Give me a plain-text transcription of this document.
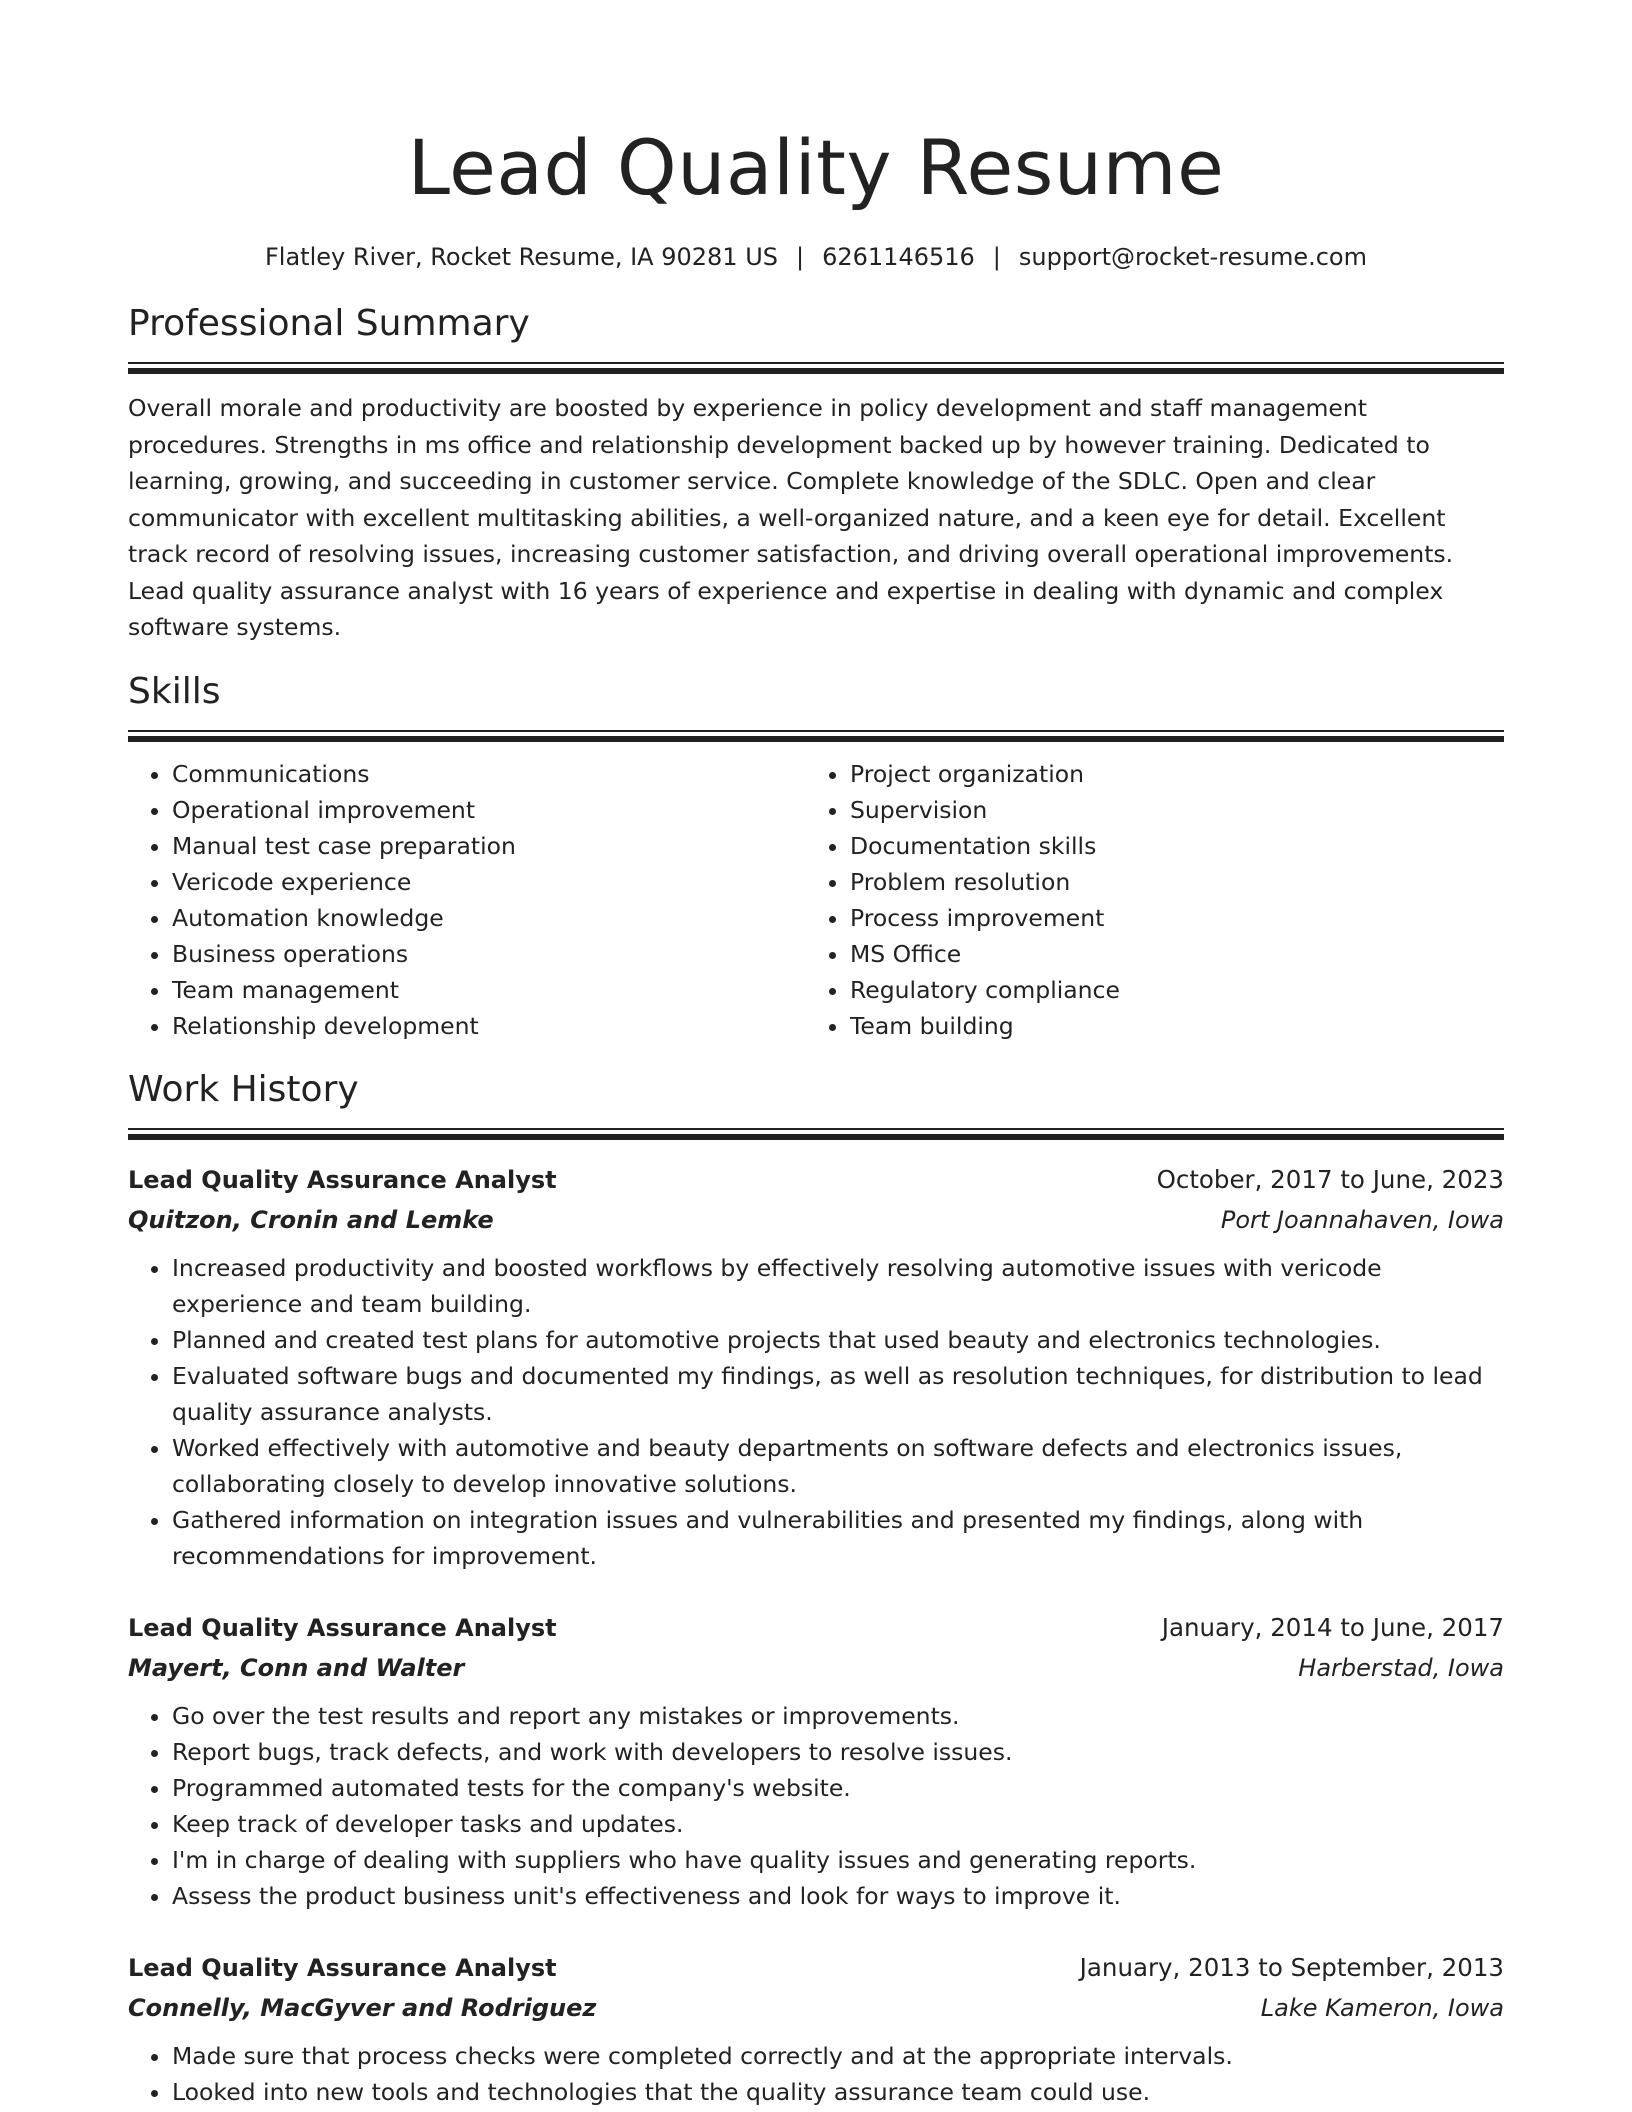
Lead Quality Resume
Flatley River, Rocket Resume, IA 90281 US | 6261146516 | support@rocket-resume.com
Professional Summary

Overall morale and productivity are boosted by experience in policy development and staff management procedures. Strengths in ms office and relationship development backed up by however training. Dedicated to learning, growing, and succeeding in customer service. Complete knowledge of the SDLC. Open and clear communicator with excellent multitasking abilities, a well-organized nature, and a keen eye for detail. Excellent track record of resolving issues, increasing customer satisfaction, and driving overall operational improvements. Lead quality assurance analyst with 16 years of experience and expertise in dealing with dynamic and complex software systems.

Skills
• Communications
• Operational improvement
• Manual test case preparation
• Vericode experience
• Automation knowledge
• Business operations
• Team management
• Relationship development
• Project organization
• Supervision
• Documentation skills
• Problem resolution
• Process improvement
• MS Office
• Regulatory compliance
• Team building
Work History
Lead Quality Assurance Analyst	October, 2017 to June, 2023
Quitzon, Cronin and Lemke	Port Joannahaven, Iowa
• Increased productivity and boosted workflows by effectively resolving automotive issues with vericode experience and team building.
• Planned and created test plans for automotive projects that used beauty and electronics technologies.
• Evaluated software bugs and documented my findings, as well as resolution techniques, for distribution to lead quality assurance analysts.
• Worked effectively with automotive and beauty departments on software defects and electronics issues, collaborating closely to develop innovative solutions.
• Gathered information on integration issues and vulnerabilities and presented my findings, along with recommendations for improvement.
Lead Quality Assurance Analyst	January, 2014 to June, 2017
Mayert, Conn and Walter	Harberstad, Iowa
• Go over the test results and report any mistakes or improvements.
• Report bugs, track defects, and work with developers to resolve issues.
• Programmed automated tests for the company's website.
• Keep track of developer tasks and updates.
• I'm in charge of dealing with suppliers who have quality issues and generating reports.
• Assess the product business unit's effectiveness and look for ways to improve it.
Lead Quality Assurance Analyst	January, 2013 to September, 2013
Connelly, MacGyver and Rodriguez	Lake Kameron, Iowa
• Made sure that process checks were completed correctly and at the appropriate intervals.
• Looked into new tools and technologies that the quality assurance team could use.
